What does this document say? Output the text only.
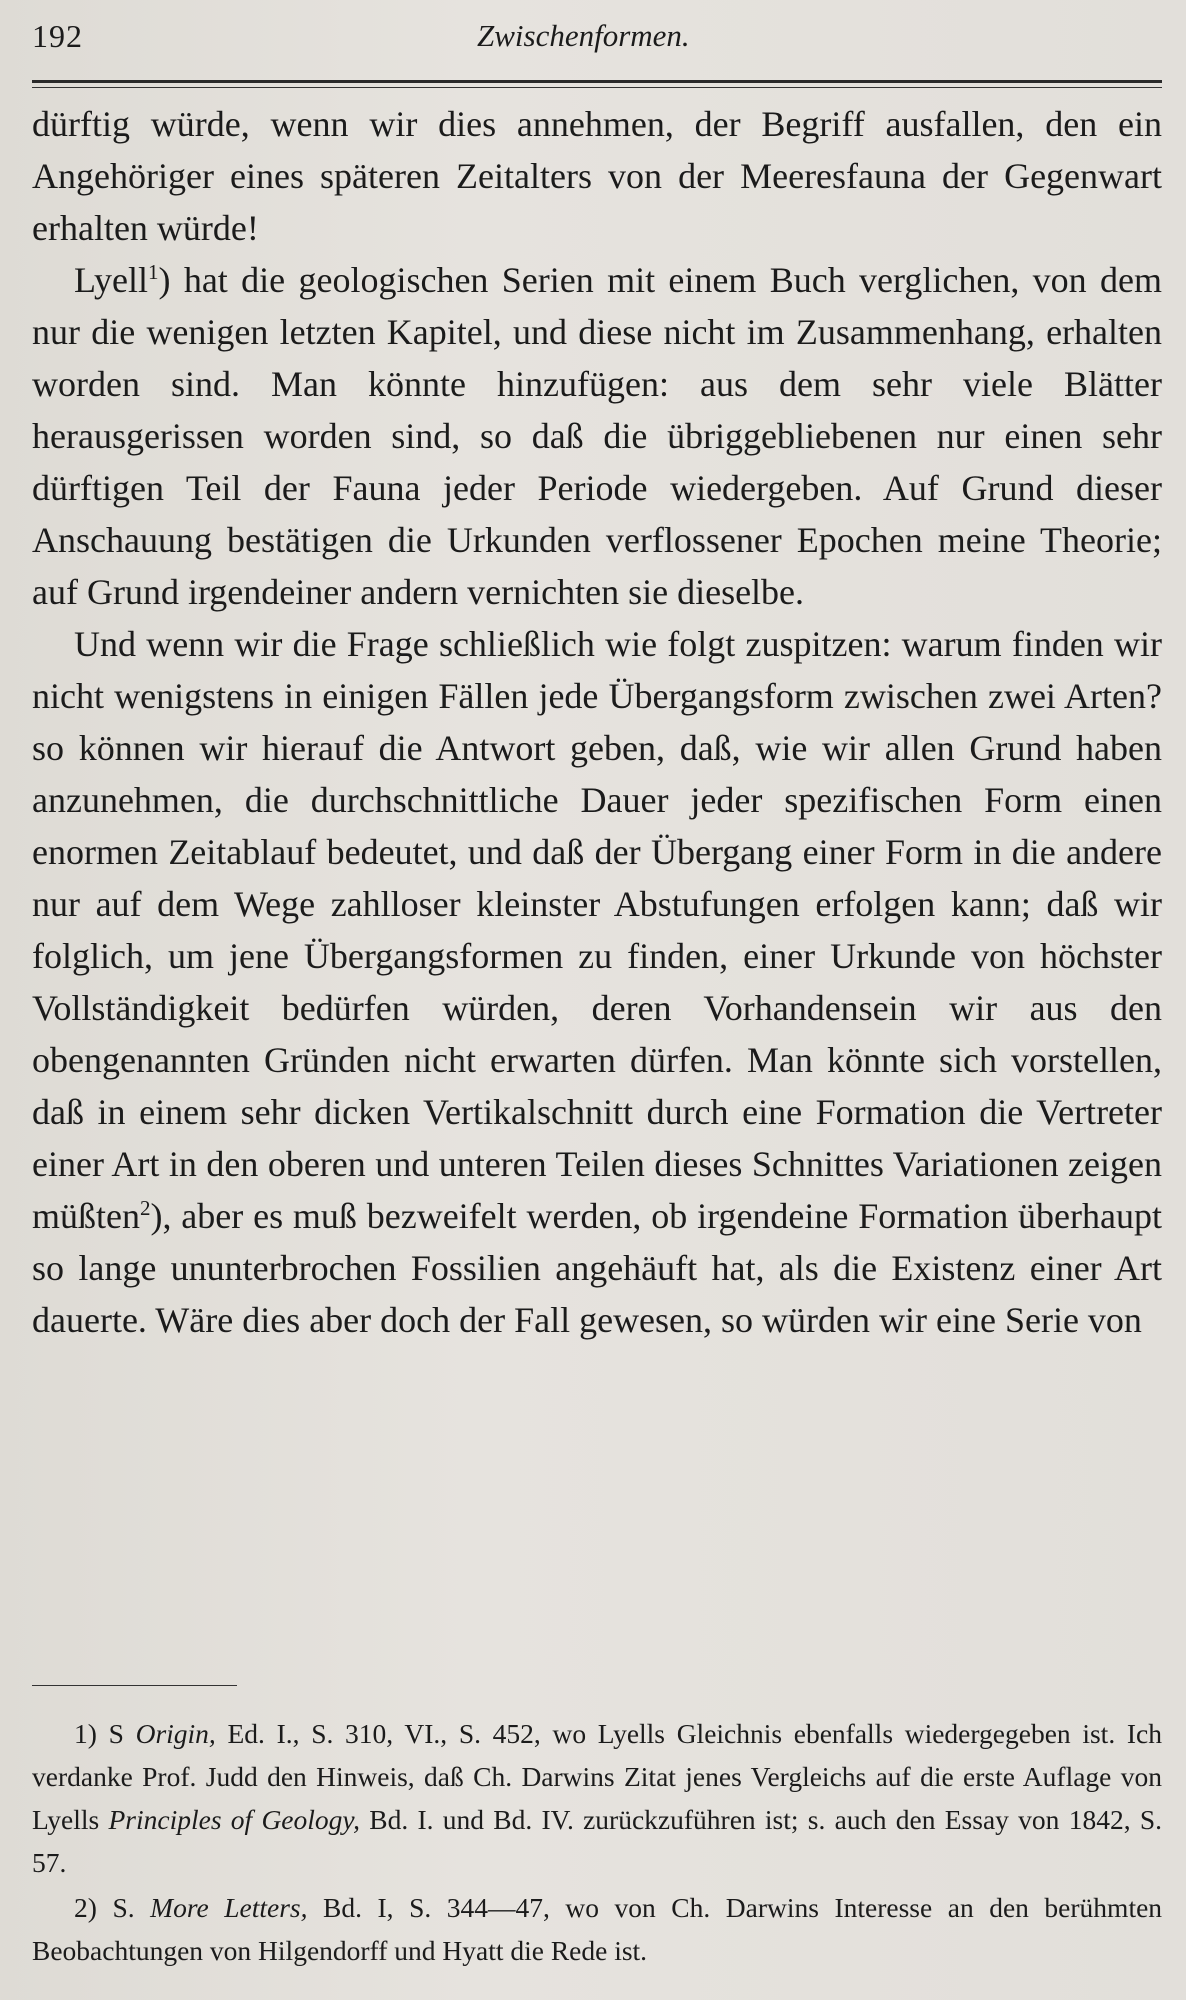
192	Zwischenformen.

dürftig würde, wenn wir dies annehmen, der Begriff ausfallen, den ein Angehöriger eines späteren Zeitalters von der Meeresfauna der Gegenwart erhalten würde!

Lyell$^1$) hat die geologischen Serien mit einem Buch verglichen, von dem nur die wenigen letzten Kapitel, und diese nicht im Zusammenhang, erhalten worden sind. Man könnte hinzufügen: aus dem sehr viele Blätter herausgerissen worden sind, so daß die übriggebliebenen nur einen sehr dürftigen Teil der Fauna jeder Periode wiedergeben. Auf Grund dieser Anschauung bestätigen die Urkunden verflossener Epochen meine Theorie; auf Grund irgendeiner andern vernichten sie dieselbe.

Und wenn wir die Frage schließlich wie folgt zuspitzen: warum finden wir nicht wenigstens in einigen Fällen jede Übergangsform zwischen zwei Arten? so können wir hierauf die Antwort geben, daß, wie wir allen Grund haben anzunehmen, die durchschnittliche Dauer jeder spezifischen Form einen enormen Zeitablauf bedeutet, und daß der Übergang einer Form in die andere nur auf dem Wege zahlloser kleinster Abstufungen erfolgen kann; daß wir folglich, um jene Übergangsformen zu finden, einer Urkunde von höchster Vollständigkeit bedürfen würden, deren Vorhandensein wir aus den obengenannten Gründen nicht erwarten dürfen. Man könnte sich vorstellen, daß in einem sehr dicken Vertikalschnitt durch eine Formation die Vertreter einer Art in den oberen und unteren Teilen dieses Schnittes Variationen zeigen müßten$^2$), aber es muß bezweifelt werden, ob irgendeine Formation überhaupt so lange ununterbrochen Fossilien angehäuft hat, als die Existenz einer Art dauerte. Wäre dies aber doch der Fall gewesen, so würden wir eine Serie von

1) S Origin, Ed. I., S. 310, VI., S. 452, wo Lyells Gleichnis ebenfalls wiedergegeben ist. Ich verdanke Prof. Judd den Hinweis, daß Ch. Darwins Zitat jenes Vergleichs auf die erste Auflage von Lyells Principles of Geology, Bd. I. und Bd. IV. zurückzuführen ist; s. auch den Essay von 1842, S. 57.

2) S. More Letters, Bd. I, S. 344—47, wo von Ch. Darwins Interesse an den berühmten Beobachtungen von Hilgendorff und Hyatt die Rede ist.
